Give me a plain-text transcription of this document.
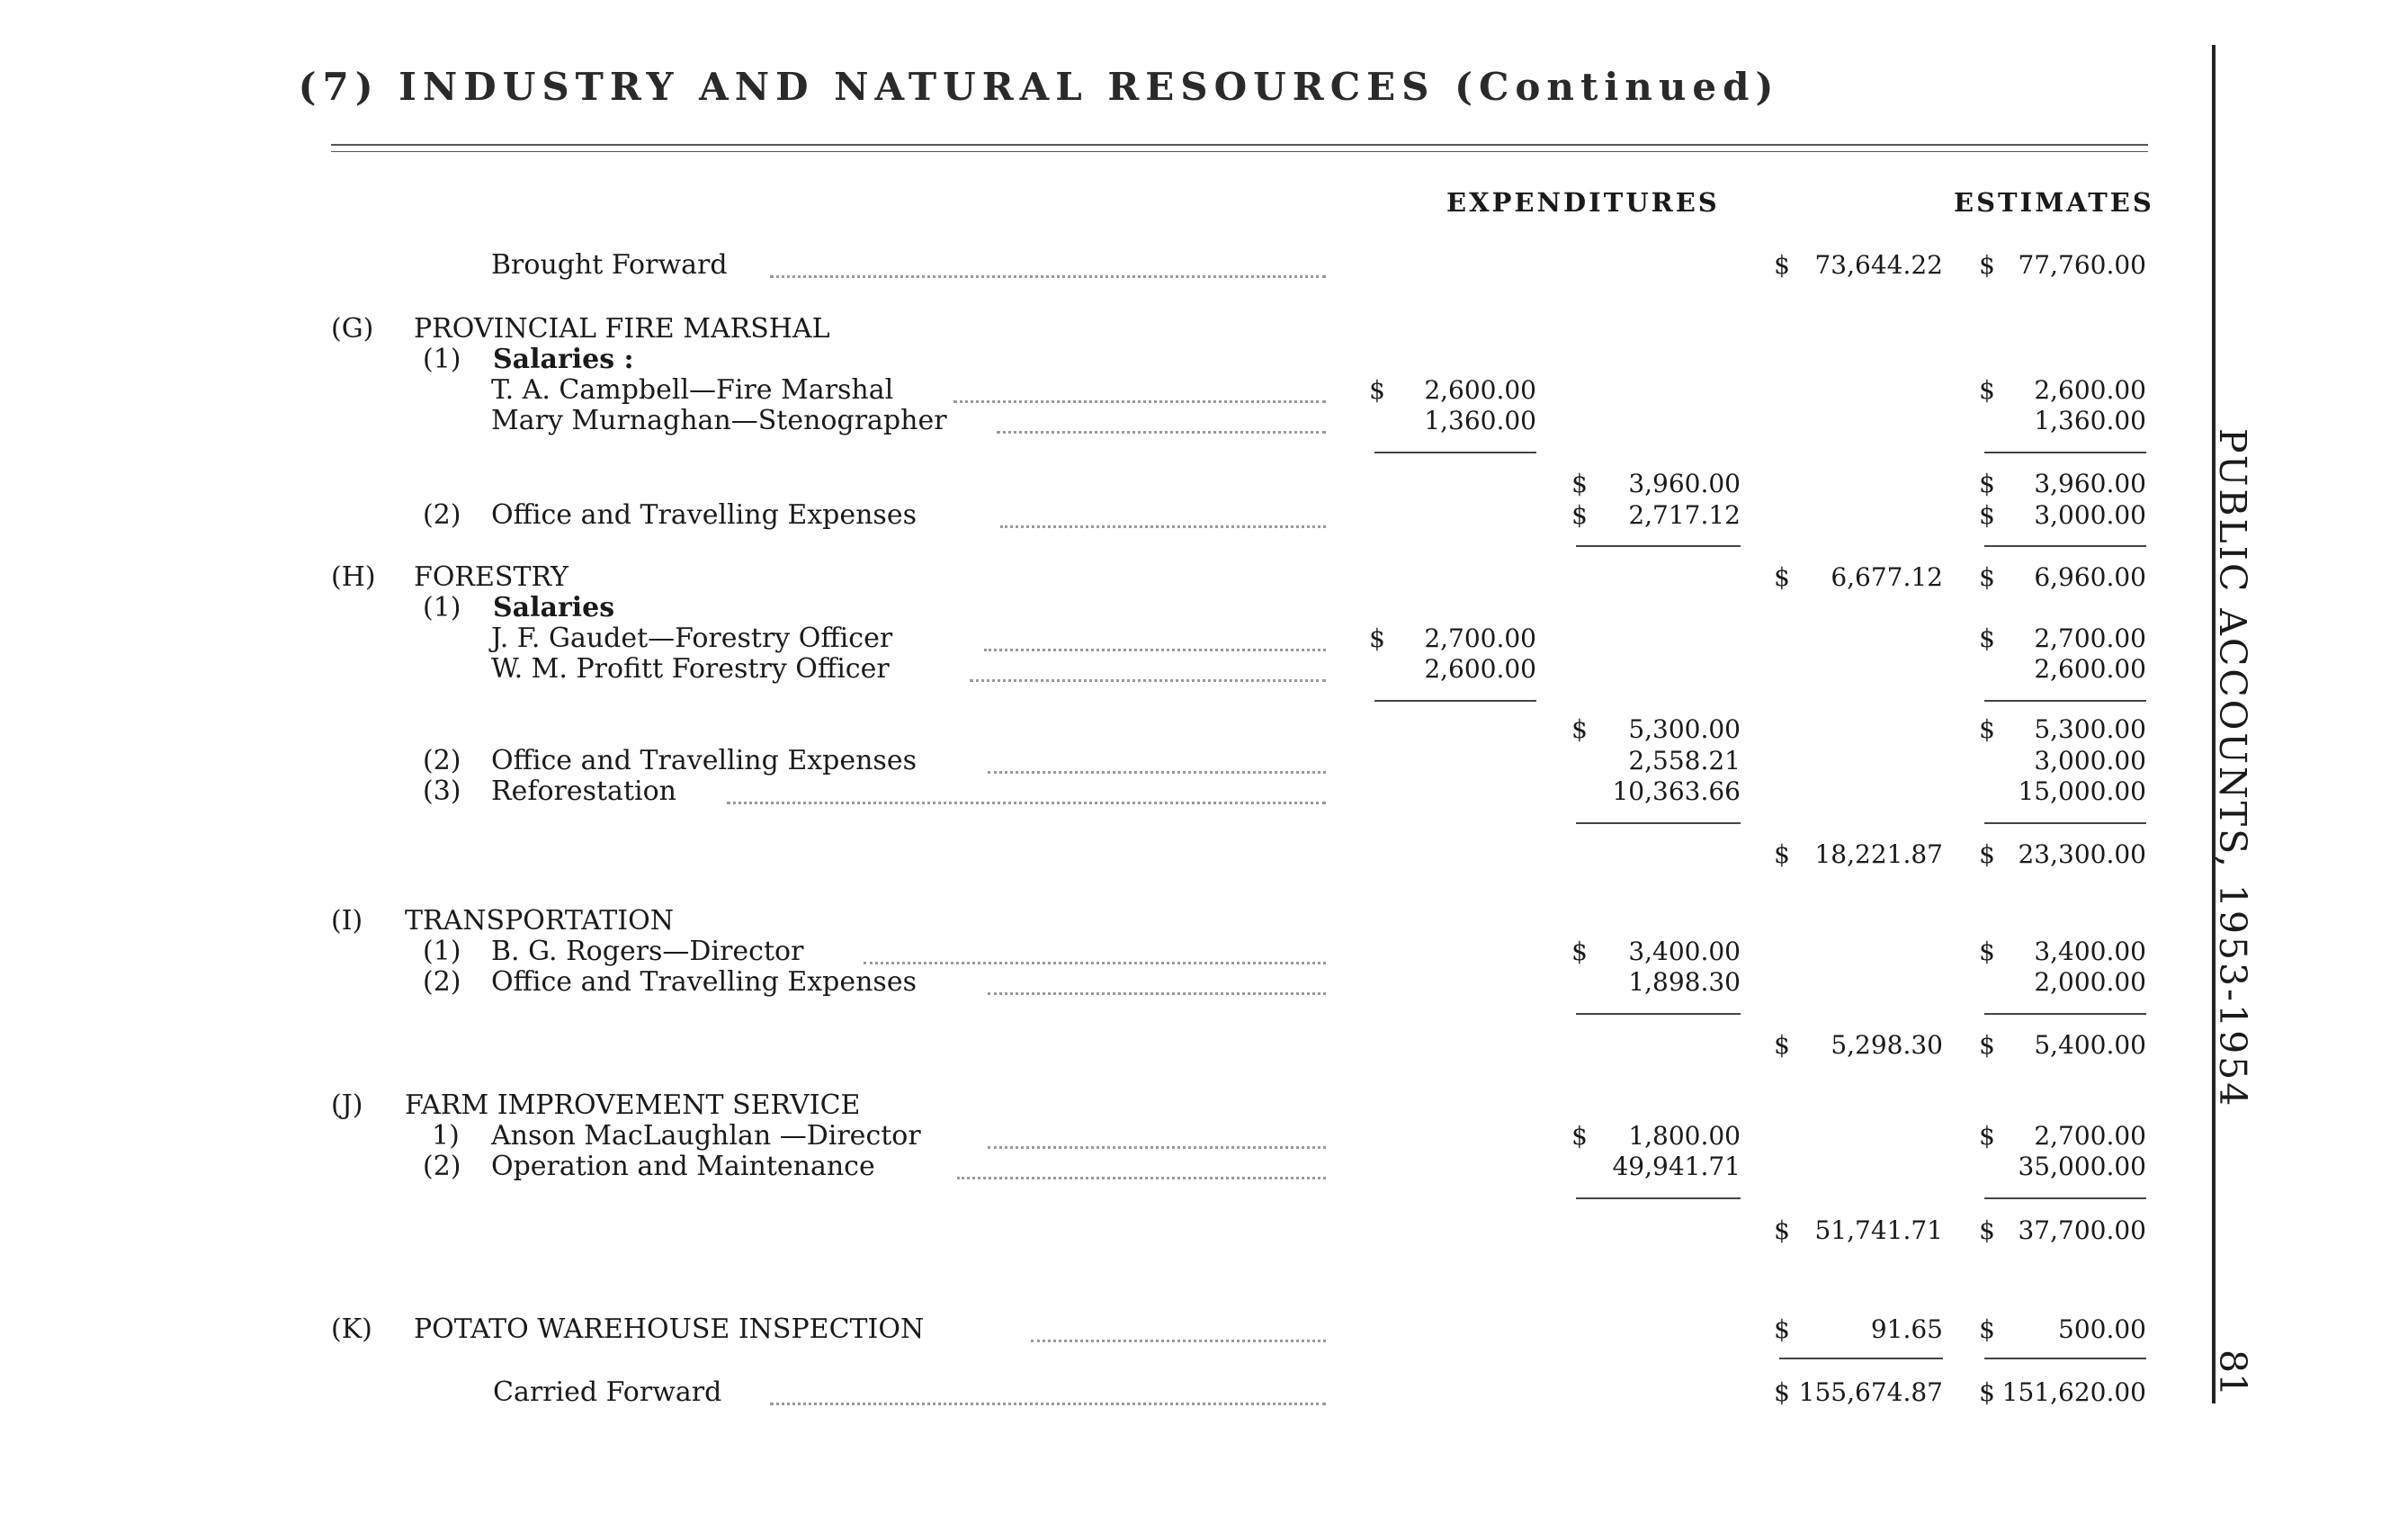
(7) INDUSTRY AND NATURAL RESOURCES (Continued)
EXPENDITURES	ESTIMATES
PUBLIC ACCOUNTS, 1953-1954
81
Brought Forward	$ 73,644.22	$ 77,760.00
(G) PROVINCIAL FIRE MARSHAL
(1) Salaries :
T. A. Campbell—Fire Marshal	$	2,600.00	$	2,600.00
Mary Murnaghan—Stenographer	1,360.00	1,360.00
$	3,960.00	$	3,960.00
(2) Office and Travelling Expenses	$	2,717.12	$	3,000.00
(H) FORESTRY	$	6,677.12	$	6,960.00
(1) Salaries
J. F. Gaudet—Forestry Officer	$	2,700.00	$	2,700.00
W. M. Profitt Forestry Officer	2,600.00	2,600.00
$	5,300.00	$	5,300.00
(2) Office and Travelling Expenses	2,558.21	3,000.00
(3) Reforestation	10,363.66	15,000.00
$ 18,221.87	$ 23,300.00
(I) TRANSPORTATION
(1) B. G. Rogers—Director	$	3,400.00	$	3,400.00
(2) Office and Travelling Expenses	1,898.30	2,000.00
$	5,298.30	$	5,400.00
(J) FARM IMPROVEMENT SERVICE
1) Anson MacLaughlan —Director	$	1,800.00	$	2,700.00
(2) Operation and Maintenance	49,941.71	35,000.00
$ 51,741.71	$ 37,700.00
(K) POTATO WAREHOUSE INSPECTION	$	91.65	$	500.00
Carried Forward	$ 155,674.87	$ 151,620.00
